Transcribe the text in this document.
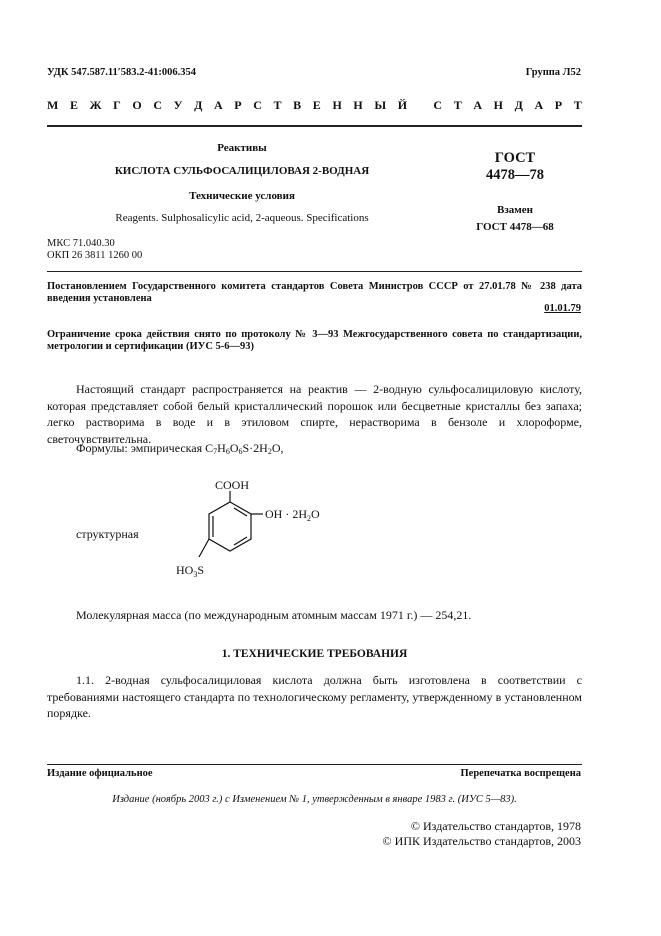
УДК 547.587.11′583.2-41:006.354	Группа Л52
М Е Ж Г О С У Д А Р С Т В Е Н Н Ы Й
С Т А Н Д А Р Т
Реактивы
КИСЛОТА СУЛЬФОСАЛИЦИЛОВАЯ 2-ВОДНАЯ
Технические условия
Reagents. Sulphosalicylic acid, 2-aqueous. Specifications
ГОСТ
4478—78
Взамен
ГОСТ 4478—68
МКС 71.040.30
ОКП 26 3811 1260 00
Постановлением Государственного комитета стандартов Совета Министров СССР от 27.01.78 № 238 дата введения установлена
01.01.79
Ограничение срока действия снято по протоколу № 3—93 Межгосударственного совета по стандартизации, метрологии и сертификации (ИУС 5-6—93)
Настоящий стандарт распространяется на реактив — 2-водную сульфосалициловую кислоту, которая представляет собой белый кристаллический порошок или бесцветные кристаллы без запаха; легко растворима в воде и в этиловом спирте, нерастворима в бензоле и хлороформе, светочувствительна.
Формулы: эмпирическая $C_7H_6O_6S\cdot 2H_2O$,
структурная
COOH
OH · $2H_2O$
$HO_3S$
Молекулярная масса (по международным атомным массам 1971 г.) — 254,21.
1. ТЕХНИЧЕСКИЕ ТРЕБОВАНИЯ
1.1. 2-водная сульфосалициловая кислота должна быть изготовлена в соответствии с требованиями настоящего стандарта по технологическому регламенту, утвержденному в установленном порядке.
Издание официальное	Перепечатка воспрещена
Издание (ноябрь 2003 г.) с Изменением № 1, утвержденным в январе 1983 г. (ИУС 5—83).
© Издательство стандартов, 1978
© ИПК Издательство стандартов, 2003
